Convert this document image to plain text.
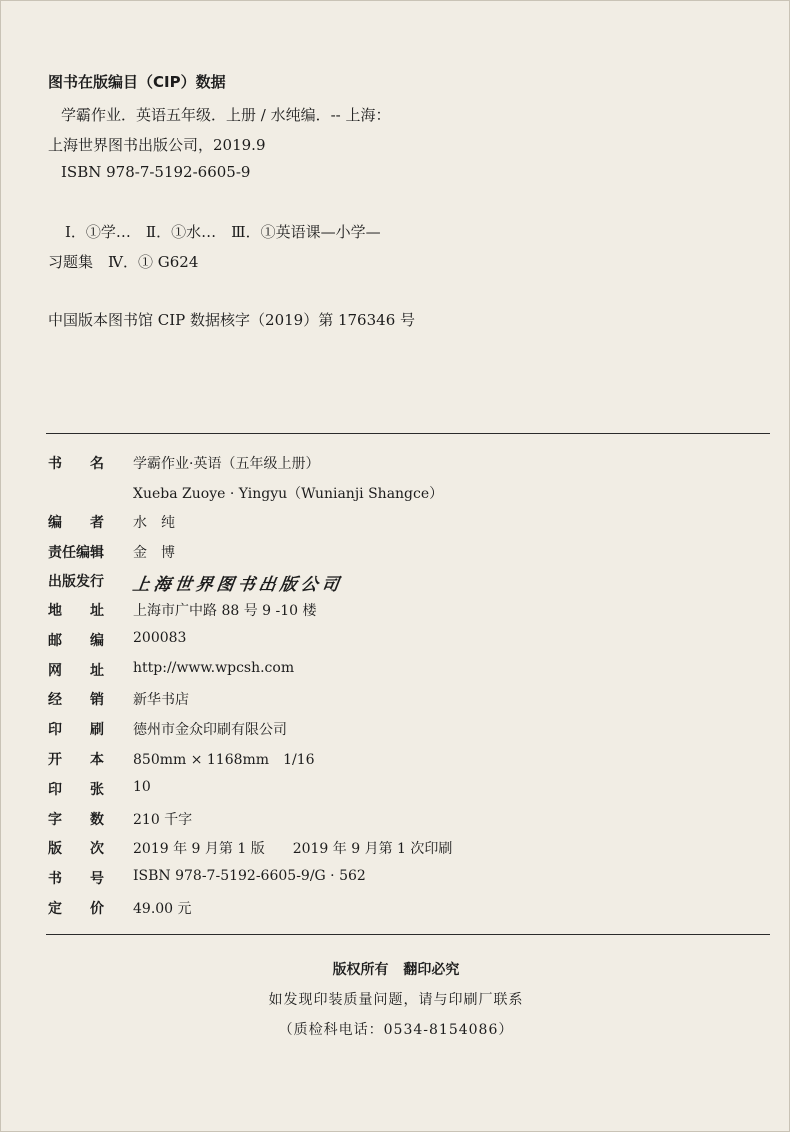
图书在版编目（CIP）数据
学霸作业．英语五年级．上册 / 水纯编．-- 上海：
上海世界图书出版公司，2019.9
ISBN 978-7-5192-6605-9
Ⅰ．①学…　Ⅱ．①水…　Ⅲ．①英语课—小学—
习题集　Ⅳ．① G624
中国版本图书馆 CIP 数据核字（2019）第 176346 号
书 名 学霸作业·英语（五年级上册）
Xueba Zuoye · Yingyu（Wunianji Shangce）
编 者 水　纯
责任编辑 金　博
出版发行 上海世界图书出版公司
地 址 上海市广中路 88 号 9 -10 楼
邮 编 200083
网 址 http://www.wpcsh.com
经 销 新华书店
印 刷 德州市金众印刷有限公司
开 本 850mm × 1168mm　1/16
印 张 10
字 数 210 千字
版 次 2019 年 9 月第 1 版　　2019 年 9 月第 1 次印刷
书 号 ISBN 978-7-5192-6605-9/G · 562
定 价 49.00 元
版权所有 翻印必究
如发现印装质量问题，请与印刷厂联系
（质检科电话：0534-8154086）
